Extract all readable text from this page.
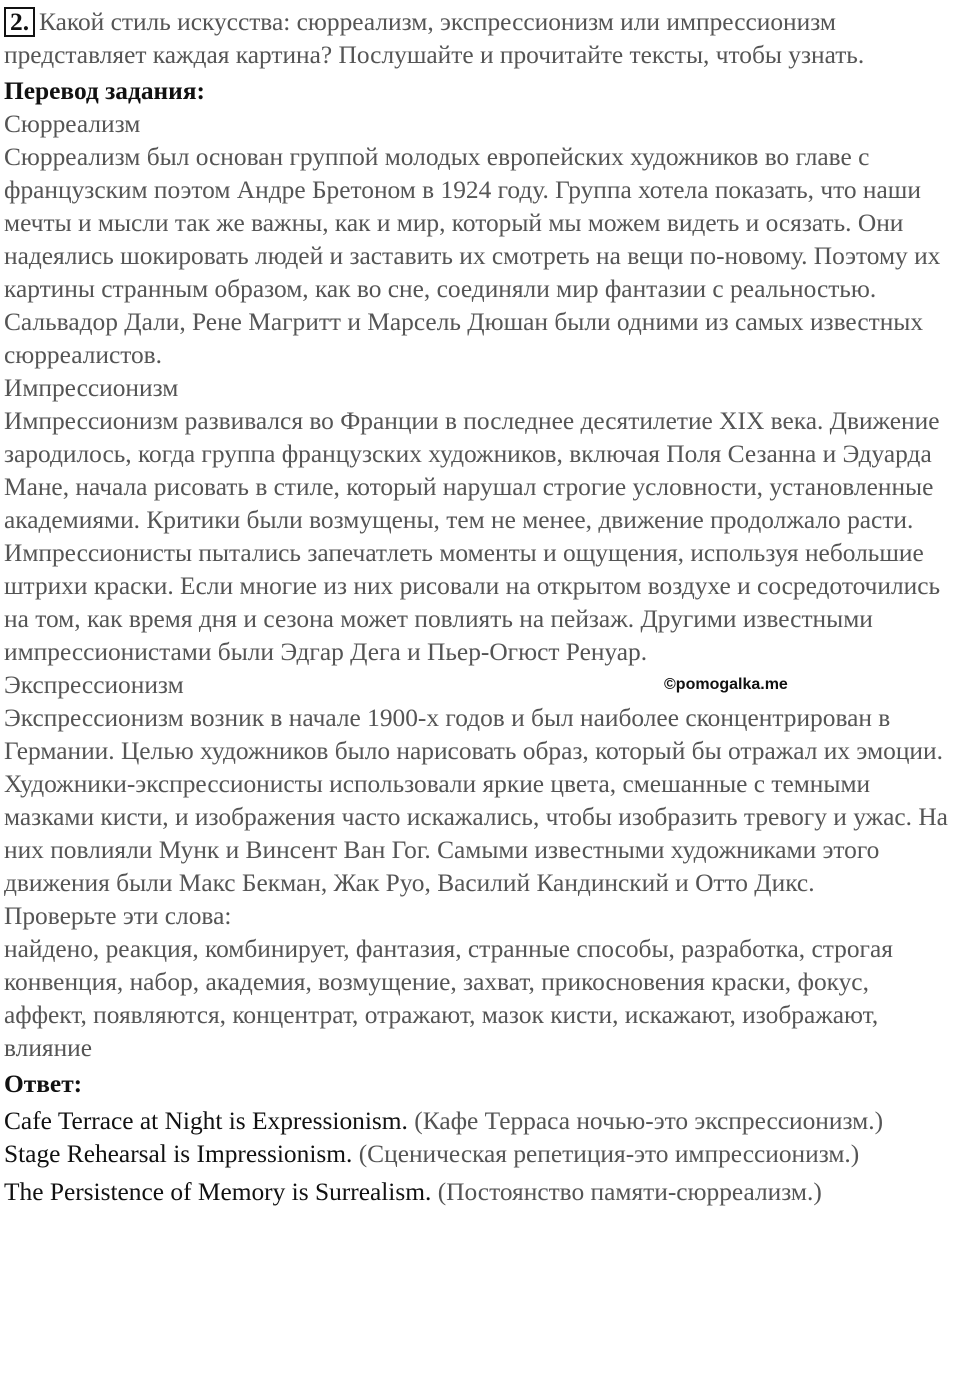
2. Какой стиль искусства: сюрреализм, экспрессионизм или импрессионизм представляет каждая картина? Послушайте и прочитайте тексты, чтобы узнать.

Перевод задания:
Сюрреализм

Сюрреализм был основан группой молодых европейских художников во главе с французским поэтом Андре Бретоном в 1924 году. Группа хотела показать, что наши мечты и мысли так же важны, как и мир, который мы можем видеть и осязать. Они надеялись шокировать людей и заставить их смотреть на вещи по-новому. Поэтому их картины странным образом, как во сне, соединяли мир фантазии с реальностью. Сальвадор Дали, Рене Магритт и Марсель Дюшан были одними из самых известных сюрреалистов.

Импрессионизм

Импрессионизм развивался во Франции в последнее десятилетие XIX века. Движение зародилось, когда группа французских художников, включая Поля Сезанна и Эдуарда Мане, начала рисовать в стиле, который нарушал строгие условности, установленные академиями. Критики были возмущены, тем не менее, движение продолжало расти. Импрессионисты пытались запечатлеть моменты и ощущения, используя небольшие штрихи краски. Если многие из них рисовали на открытом воздухе и сосредоточились на том, как время дня и сезона может повлиять на пейзаж. Другими известными импрессионистами были Эдгар Дега и Пьер-Огюст Ренуар.

Экспрессионизм	©pomogalka.me

Экспрессионизм возник в начале 1900-х годов и был наиболее сконцентрирован в Германии. Целью художников было нарисовать образ, который бы отражал их эмоции. Художники-экспрессионисты использовали яркие цвета, смешанные с темными мазками кисти, и изображения часто искажались, чтобы изобразить тревогу и ужас. На них повлияли Мунк и Винсент Ван Гог. Самыми известными художниками этого движения были Макс Бекман, Жак Руо, Василий Кандинский и Отто Дикс.

Проверьте эти слова:

найдено, реакция, комбинирует, фантазия, странные способы, разработка, строгая конвенция, набор, академия, возмущение, захват, прикосновения краски, фокус, аффект, появляются, концентрат, отражают, мазок кисти, искажают, изображают, влияние

Ответ:

Cafe Terrace at Night is Expressionism. (Кафе Терраса ночью-это экспрессионизм.)

Stage Rehearsal is Impressionism. (Сценическая репетиция-это импрессионизм.)

The Persistence of Memory is Surrealism. (Постоянство памяти-сюрреализм.)
